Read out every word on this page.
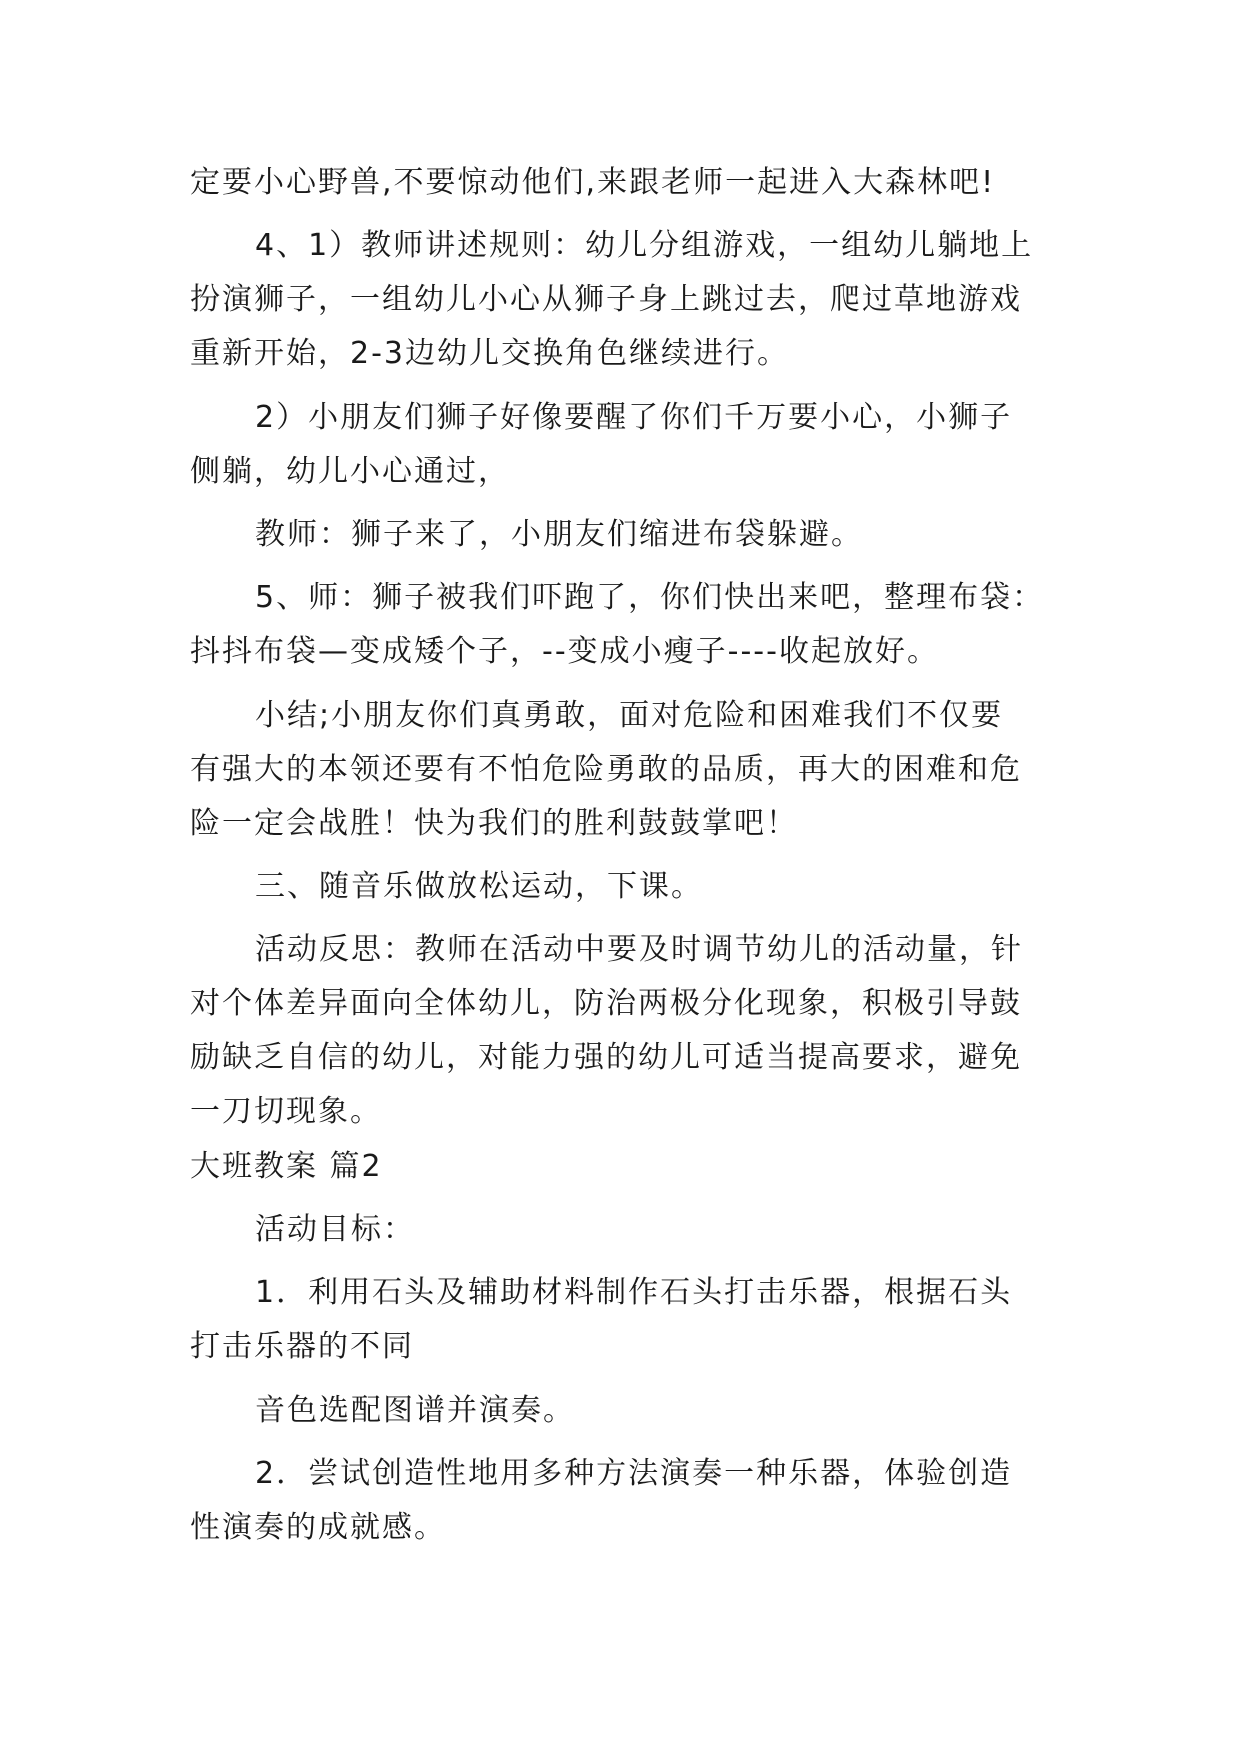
定要小心野兽,不要惊动他们,来跟老师一起进入大森林吧!
4、1）教师讲述规则：幼儿分组游戏，一组幼儿躺地上
扮演狮子，一组幼儿小心从狮子身上跳过去，爬过草地游戏
重新开始，2-3边幼儿交换角色继续进行。
2）小朋友们狮子好像要醒了你们千万要小心，小狮子
侧躺，幼儿小心通过，
教师：狮子来了，小朋友们缩进布袋躲避。
5、师：狮子被我们吓跑了，你们快出来吧，整理布袋：
抖抖布袋—变成矮个子，--变成小瘦子----收起放好。
小结;小朋友你们真勇敢，面对危险和困难我们不仅要
有强大的本领还要有不怕危险勇敢的品质，再大的困难和危
险一定会战胜！快为我们的胜利鼓鼓掌吧！
三、随音乐做放松运动，下课。
活动反思：教师在活动中要及时调节幼儿的活动量，针
对个体差异面向全体幼儿，防治两极分化现象，积极引导鼓
励缺乏自信的幼儿，对能力强的幼儿可适当提高要求，避免
一刀切现象。
大班教案 篇2
活动目标：
1．利用石头及辅助材料制作石头打击乐器，根据石头
打击乐器的不同
音色选配图谱并演奏。
2．尝试创造性地用多种方法演奏一种乐器，体验创造
性演奏的成就感。
